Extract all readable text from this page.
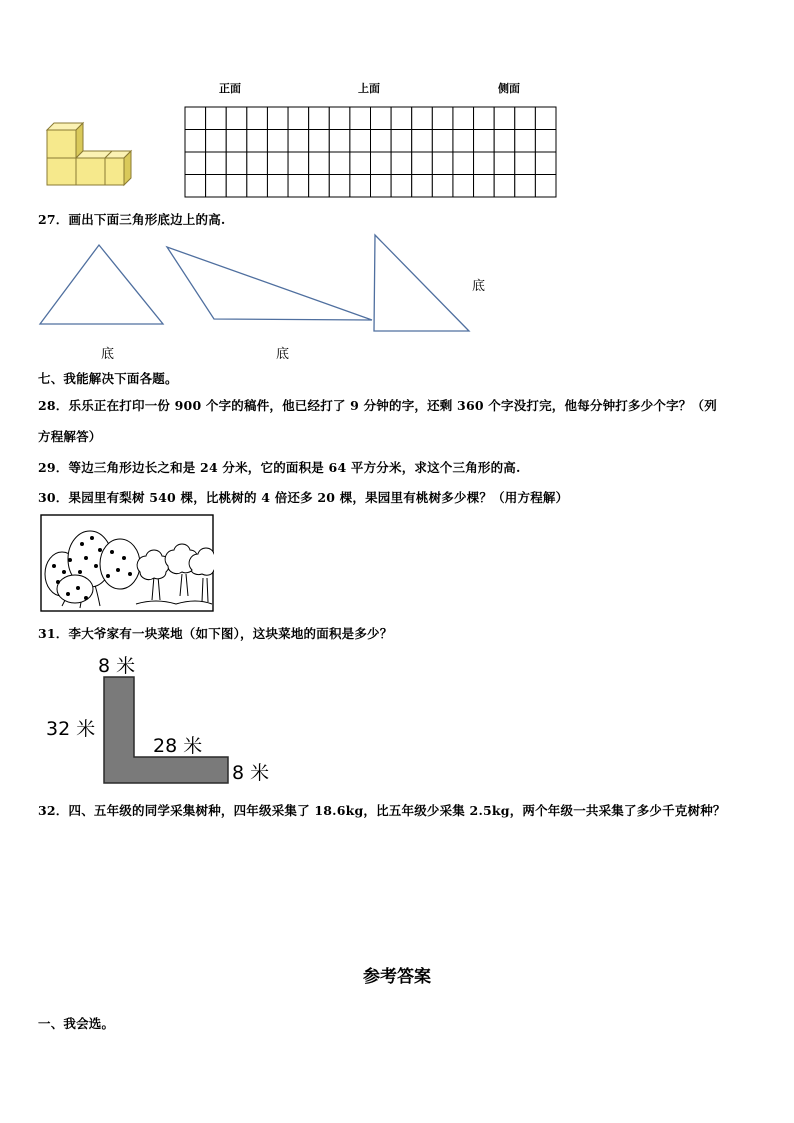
正面	上面	侧面
27．画出下面三角形底边上的高.
底
底	底
七、我能解决下面各题。
28．乐乐正在打印一份 900 个字的稿件，他已经打了 9 分钟的字，还剩 360 个字没打完，他每分钟打多少个字？（列
方程解答）
29．等边三角形边长之和是 24 分米，它的面积是 64 平方分米，求这个三角形的高.
30．果园里有梨树 540 棵，比桃树的 4 倍还多 20 棵，果园里有桃树多少棵？（用方程解）
31．李大爷家有一块菜地（如下图），这块菜地的面积是多少？
8 米
32 米
28 米
8 米
32．四、五年级的同学采集树种，四年级采集了 18.6kg，比五年级少采集 2.5kg，两个年级一共采集了多少千克树种？
参考答案
一、我会选。
